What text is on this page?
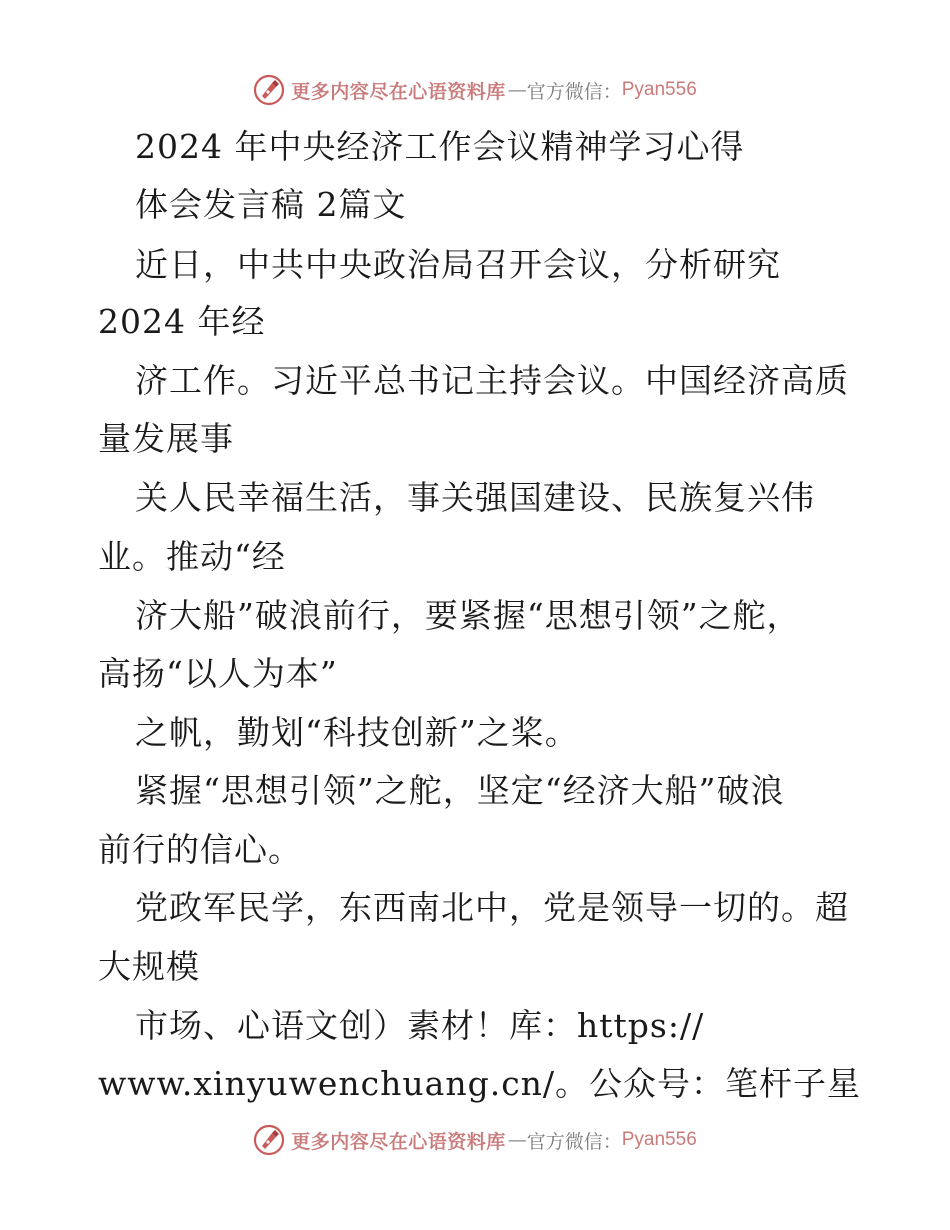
更多内容尽在心语资料库 — 官方微信： Pyan556
2024 年中央经济工作会议精神学习心得
体会发言稿 2篇文
近日，中共中央政治局召开会议，分析研究
2024 年经
济工作。习近平总书记主持会议。中国经济高质
量发展事
关人民幸福生活，事关强国建设、民族复兴伟
业。推动“经
济大船”破浪前行，要紧握“思想引领”之舵，
高扬“以人为本”
之帆，勤划“科技创新”之桨。
紧握“思想引领”之舵，坚定“经济大船”破浪
前行的信心。
党政军民学，东西南北中，党是领导一切的。超
大规模
市场、心语文创）素材！库：https://
www.xinyuwenchuang.cn/。公众号：笔杆子星
更多内容尽在心语资料库 — 官方微信： Pyan556
